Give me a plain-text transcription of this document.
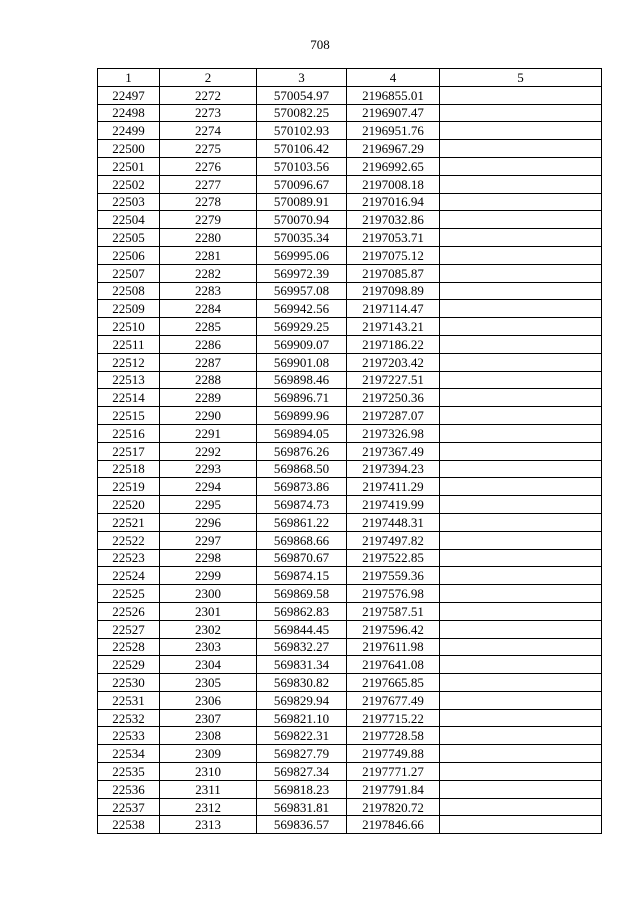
708
1	2	3	4	5
22497	2272	570054.97	2196855.01	
22498	2273	570082.25	2196907.47	
22499	2274	570102.93	2196951.76	
22500	2275	570106.42	2196967.29	
22501	2276	570103.56	2196992.65	
22502	2277	570096.67	2197008.18	
22503	2278	570089.91	2197016.94	
22504	2279	570070.94	2197032.86	
22505	2280	570035.34	2197053.71	
22506	2281	569995.06	2197075.12	
22507	2282	569972.39	2197085.87	
22508	2283	569957.08	2197098.89	
22509	2284	569942.56	2197114.47	
22510	2285	569929.25	2197143.21	
22511	2286	569909.07	2197186.22	
22512	2287	569901.08	2197203.42	
22513	2288	569898.46	2197227.51	
22514	2289	569896.71	2197250.36	
22515	2290	569899.96	2197287.07	
22516	2291	569894.05	2197326.98	
22517	2292	569876.26	2197367.49	
22518	2293	569868.50	2197394.23	
22519	2294	569873.86	2197411.29	
22520	2295	569874.73	2197419.99	
22521	2296	569861.22	2197448.31	
22522	2297	569868.66	2197497.82	
22523	2298	569870.67	2197522.85	
22524	2299	569874.15	2197559.36	
22525	2300	569869.58	2197576.98	
22526	2301	569862.83	2197587.51	
22527	2302	569844.45	2197596.42	
22528	2303	569832.27	2197611.98	
22529	2304	569831.34	2197641.08	
22530	2305	569830.82	2197665.85	
22531	2306	569829.94	2197677.49	
22532	2307	569821.10	2197715.22	
22533	2308	569822.31	2197728.58	
22534	2309	569827.79	2197749.88	
22535	2310	569827.34	2197771.27	
22536	2311	569818.23	2197791.84	
22537	2312	569831.81	2197820.72	
22538	2313	569836.57	2197846.66	
